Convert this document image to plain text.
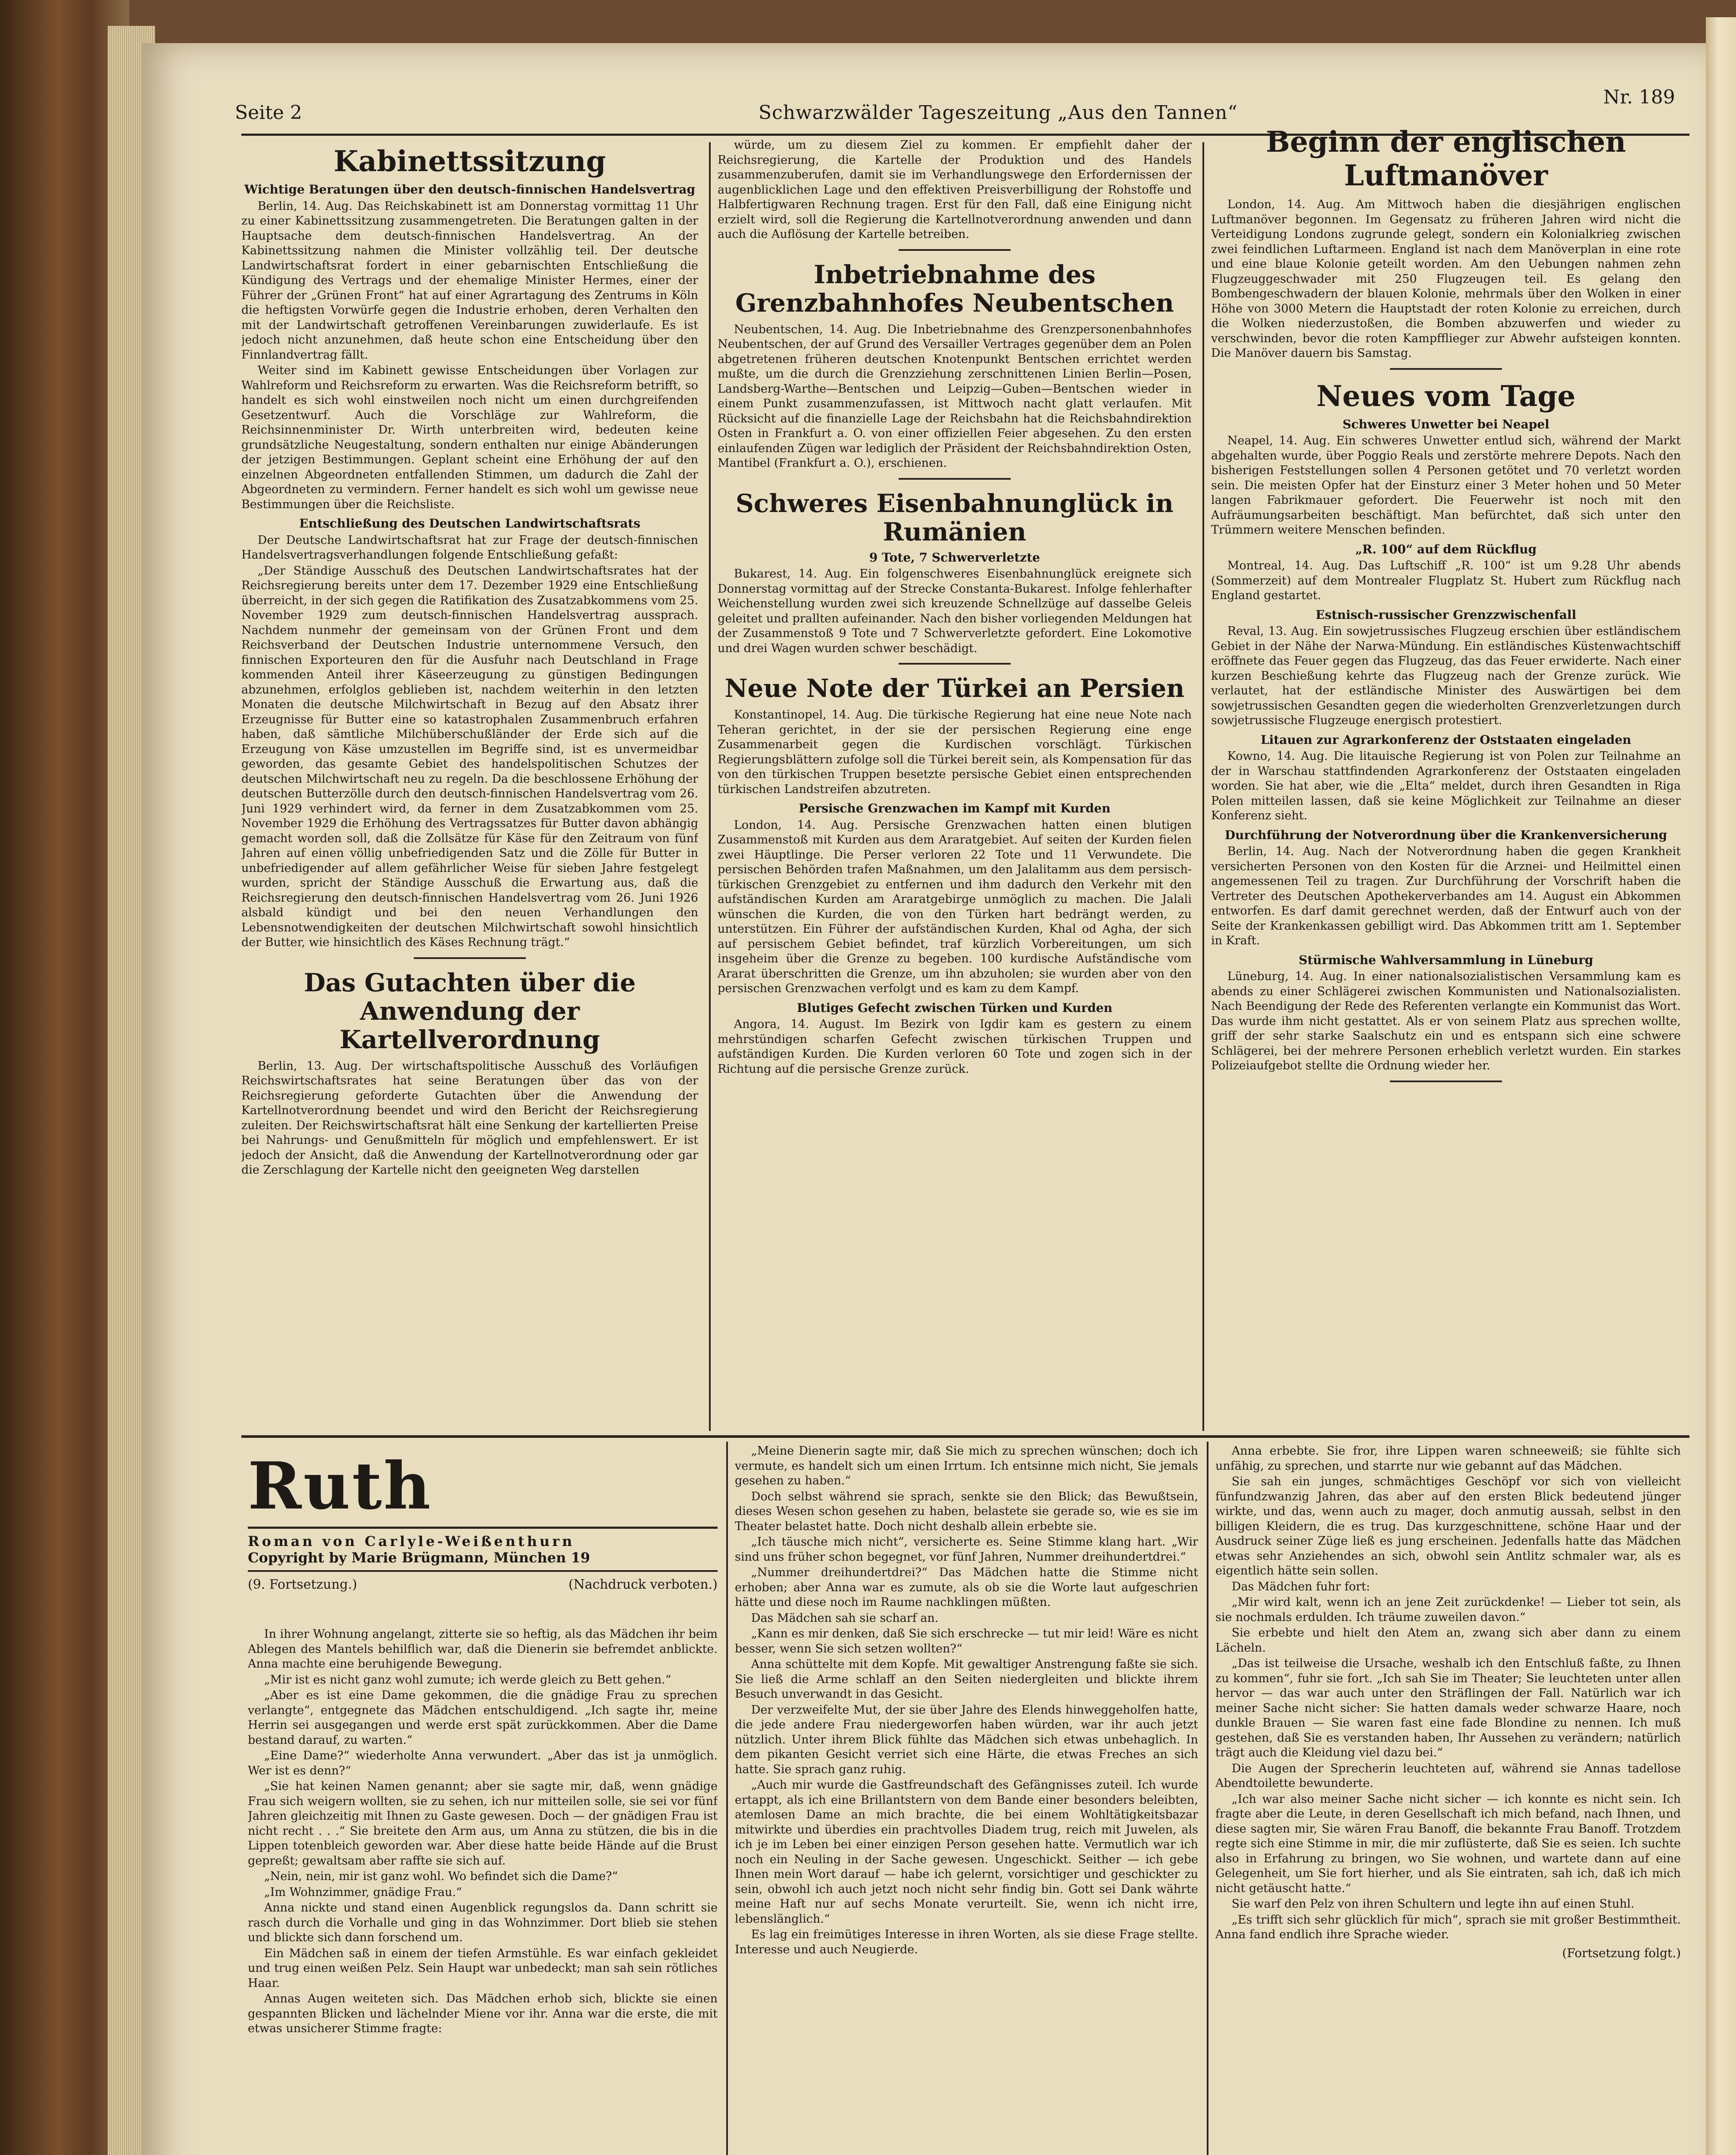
Seite 2	Schwarzwälder Tageszeitung „Aus den Tannen“
Nr. 189
Kabinettssitzung
Wichtige Beratungen über den deutsch-finnischen Handelsvertrag

Berlin, 14. Aug. Das Reichskabinett ist am Donnerstag vormittag 11 Uhr zu einer Kabinettssitzung zusammengetreten. Die Beratungen galten in der Hauptsache dem deutsch-finnischen Handelsvertrag. An der Kabinettssitzung nahmen die Minister vollzählig teil. Der deutsche Landwirtschaftsrat fordert in einer gebarnischten Entschließung die Kündigung des Vertrags und der ehemalige Minister Hermes, einer der Führer der „Grünen Front“ hat auf einer Agrartagung des Zentrums in Köln die heftigsten Vorwürfe gegen die Industrie erhoben, deren Verhalten den mit der Landwirtschaft getroffenen Vereinbarungen zuwiderlaufe. Es ist jedoch nicht anzunehmen, daß heute schon eine Entscheidung über den Finnlandvertrag fällt.

Weiter sind im Kabinett gewisse Entscheidungen über Vorlagen zur Wahlreform und Reichsreform zu erwarten. Was die Reichsreform betrifft, so handelt es sich wohl einstweilen noch nicht um einen durchgreifenden Gesetzentwurf. Auch die Vorschläge zur Wahlreform, die Reichsinnenminister Dr. Wirth unterbreiten wird, bedeuten keine grundsätzliche Neugestaltung, sondern enthalten nur einige Abänderungen der jetzigen Bestimmungen. Geplant scheint eine Erhöhung der auf den einzelnen Abgeordneten entfallenden Stimmen, um dadurch die Zahl der Abgeordneten zu vermindern. Ferner handelt es sich wohl um gewisse neue Bestimmungen über die Reichsliste.

Entschließung des Deutschen Landwirtschaftsrats

Der Deutsche Landwirtschaftsrat hat zur Frage der deutsch-finnischen Handelsvertragsverhandlungen folgende Entschließung gefaßt:

„Der Ständige Ausschuß des Deutschen Landwirtschaftsrates hat der Reichsregierung bereits unter dem 17. Dezember 1929 eine Entschließung überreicht, in der sich gegen die Ratifikation des Zusatzabkommens vom 25. November 1929 zum deutsch-finnischen Handelsvertrag aussprach. Nachdem nunmehr der gemeinsam von der Grünen Front und dem Reichsverband der Deutschen Industrie unternommene Versuch, den finnischen Exporteuren den für die Ausfuhr nach Deutschland in Frage kommenden Anteil ihrer Käseerzeugung zu günstigen Bedingungen abzunehmen, erfolglos geblieben ist, nachdem weiterhin in den letzten Monaten die deutsche Milchwirtschaft in Bezug auf den Absatz ihrer Erzeugnisse für Butter eine so katastrophalen Zusammenbruch erfahren haben, daß sämtliche Milchüberschußländer der Erde sich auf die Erzeugung von Käse umzustellen im Begriffe sind, ist es unvermeidbar geworden, das gesamte Gebiet des handelspolitischen Schutzes der deutschen Milchwirtschaft neu zu regeln. Da die beschlossene Erhöhung der deutschen Butterzölle durch den deutsch-finnischen Handelsvertrag vom 26. Juni 1929 verhindert wird, da ferner in dem Zusatzabkommen vom 25. November 1929 die Erhöhung des Vertragssatzes für Butter davon abhängig gemacht worden soll, daß die Zollsätze für Käse für den Zeitraum von fünf Jahren auf einen völlig unbefriedigenden Satz und die Zölle für Butter in unbefriedigender auf allem gefährlicher Weise für sieben Jahre festgelegt wurden, spricht der Ständige Ausschuß die Erwartung aus, daß die Reichsregierung den deutsch-finnischen Handelsvertrag vom 26. Juni 1926 alsbald kündigt und bei den neuen Verhandlungen den Lebensnotwendigkeiten der deutschen Milchwirtschaft sowohl hinsichtlich der Butter, wie hinsichtlich des Käses Rechnung trägt.“

Das Gutachten über die Anwendung der Kartellverordnung

Berlin, 13. Aug. Der wirtschaftspolitische Ausschuß des Vorläufigen Reichswirtschaftsrates hat seine Beratungen über das von der Reichsregierung geforderte Gutachten über die Anwendung der Kartellnotverordnung beendet und wird den Bericht der Reichsregierung zuleiten. Der Reichswirtschaftsrat hält eine Senkung der kartellierten Preise bei Nahrungs- und Genußmitteln für möglich und empfehlenswert. Er ist jedoch der Ansicht, daß die Anwendung der Kartellnotverordnung oder gar die Zerschlagung der Kartelle nicht den geeigneten Weg darstellen

würde, um zu diesem Ziel zu kommen. Er empfiehlt daher der Reichsregierung, die Kartelle der Produktion und des Handels zusammenzuberufen, damit sie im Verhandlungswege den Erfordernissen der augenblicklichen Lage und den effektiven Preisverbilligung der Rohstoffe und Halbfertigwaren Rechnung tragen. Erst für den Fall, daß eine Einigung nicht erzielt wird, soll die Regierung die Kartellnotverordnung anwenden und dann auch die Auflösung der Kartelle betreiben.

Inbetriebnahme des Grenzbahnhofes Neubentschen

Neubentschen, 14. Aug. Die Inbetriebnahme des Grenzpersonenbahnhofes Neubentschen, der auf Grund des Versailler Vertrages gegenüber dem an Polen abgetretenen früheren deutschen Knotenpunkt Bentschen errichtet werden mußte, um die durch die Grenzziehung zerschnittenen Linien Berlin—Posen, Landsberg-Warthe—Bentschen und Leipzig—Guben—Bentschen wieder in einem Punkt zusammenzufassen, ist Mittwoch nacht glatt verlaufen. Mit Rücksicht auf die finanzielle Lage der Reichsbahn hat die Reichsbahndirektion Osten in Frankfurt a. O. von einer offiziellen Feier abgesehen. Zu den ersten einlaufenden Zügen war lediglich der Präsident der Reichsbahndirektion Osten, Mantibel (Frankfurt a. O.), erschienen.

Schweres Eisenbahnunglück in Rumänien
9 Tote, 7 Schwerverletzte

Bukarest, 14. Aug. Ein folgenschweres Eisenbahnunglück ereignete sich Donnerstag vormittag auf der Strecke Constanta-Bukarest. Infolge fehlerhafter Weichenstellung wurden zwei sich kreuzende Schnellzüge auf dasselbe Geleis geleitet und prallten aufeinander. Nach den bisher vorliegenden Meldungen hat der Zusammenstoß 9 Tote und 7 Schwerverletzte gefordert. Eine Lokomotive und drei Wagen wurden schwer beschädigt.

Neue Note der Türkei an Persien

Konstantinopel, 14. Aug. Die türkische Regierung hat eine neue Note nach Teheran gerichtet, in der sie der persischen Regierung eine enge Zusammenarbeit gegen die Kurdischen vorschlägt. Türkischen Regierungsblättern zufolge soll die Türkei bereit sein, als Kompensation für das von den türkischen Truppen besetzte persische Gebiet einen entsprechenden türkischen Landstreifen abzutreten.

Persische Grenzwachen im Kampf mit Kurden

London, 14. Aug. Persische Grenzwachen hatten einen blutigen Zusammenstoß mit Kurden aus dem Araratgebiet. Auf seiten der Kurden fielen zwei Häuptlinge. Die Perser verloren 22 Tote und 11 Verwundete. Die persischen Behörden trafen Maßnahmen, um den Jalalitamm aus dem persisch-türkischen Grenzgebiet zu entfernen und ihm dadurch den Verkehr mit den aufständischen Kurden am Araratgebirge unmöglich zu machen. Die Jalali wünschen die Kurden, die von den Türken hart bedrängt werden, zu unterstützen. Ein Führer der aufständischen Kurden, Khal od Agha, der sich auf persischem Gebiet befindet, traf kürzlich Vorbereitungen, um sich insgeheim über die Grenze zu begeben. 100 kurdische Aufständische vom Ararat überschritten die Grenze, um ihn abzuholen; sie wurden aber von den persischen Grenzwachen verfolgt und es kam zu dem Kampf.

Blutiges Gefecht zwischen Türken und Kurden

Angora, 14. August. Im Bezirk von Igdir kam es gestern zu einem mehrstündigen scharfen Gefecht zwischen türkischen Truppen und aufständigen Kurden. Die Kurden verloren 60 Tote und zogen sich in der Richtung auf die persische Grenze zurück.

Beginn der englischen Luftmanöver

London, 14. Aug. Am Mittwoch haben die diesjährigen englischen Luftmanöver begonnen. Im Gegensatz zu früheren Jahren wird nicht die Verteidigung Londons zugrunde gelegt, sondern ein Kolonialkrieg zwischen zwei feindlichen Luftarmeen. England ist nach dem Manöverplan in eine rote und eine blaue Kolonie geteilt worden. Am den Uebungen nahmen zehn Flugzeuggeschwader mit 250 Flugzeugen teil. Es gelang den Bombengeschwadern der blauen Kolonie, mehrmals über den Wolken in einer Höhe von 3000 Metern die Hauptstadt der roten Kolonie zu erreichen, durch die Wolken niederzustoßen, die Bomben abzuwerfen und wieder zu verschwinden, bevor die roten Kampfflieger zur Abwehr aufsteigen konnten. Die Manöver dauern bis Samstag.

Neues vom Tage
Schweres Unwetter bei Neapel

Neapel, 14. Aug. Ein schweres Unwetter entlud sich, während der Markt abgehalten wurde, über Poggio Reals und zerstörte mehrere Depots. Nach den bisherigen Feststellungen sollen 4 Personen getötet und 70 verletzt worden sein. Die meisten Opfer hat der Einsturz einer 3 Meter hohen und 50 Meter langen Fabrikmauer gefordert. Die Feuerwehr ist noch mit den Aufräumungsarbeiten beschäftigt. Man befürchtet, daß sich unter den Trümmern weitere Menschen befinden.

„R. 100“ auf dem Rückflug

Montreal, 14. Aug. Das Luftschiff „R. 100“ ist um 9.28 Uhr abends (Sommerzeit) auf dem Montrealer Flugplatz St. Hubert zum Rückflug nach England gestartet.

Estnisch-russischer Grenzzwischenfall

Reval, 13. Aug. Ein sowjetrussisches Flugzeug erschien über estländischem Gebiet in der Nähe der Narwa-Mündung. Ein estländisches Küstenwachtschiff eröffnete das Feuer gegen das Flugzeug, das das Feuer erwiderte. Nach einer kurzen Beschießung kehrte das Flugzeug nach der Grenze zurück. Wie verlautet, hat der estländische Minister des Auswärtigen bei dem sowjetrussischen Gesandten gegen die wiederholten Grenzverletzungen durch sowjetrussische Flugzeuge energisch protestiert.

Litauen zur Agrarkonferenz der Oststaaten eingeladen

Kowno, 14. Aug. Die litauische Regierung ist von Polen zur Teilnahme an der in Warschau stattfindenden Agrarkonferenz der Oststaaten eingeladen worden. Sie hat aber, wie die „Elta“ meldet, durch ihren Gesandten in Riga Polen mitteilen lassen, daß sie keine Möglichkeit zur Teilnahme an dieser Konferenz sieht.

Durchführung der Notverordnung über die Krankenversicherung

Berlin, 14. Aug. Nach der Notverordnung haben die gegen Krankheit versicherten Personen von den Kosten für die Arznei- und Heilmittel einen angemessenen Teil zu tragen. Zur Durchführung der Vorschrift haben die Vertreter des Deutschen Apothekerverbandes am 14. August ein Abkommen entworfen. Es darf damit gerechnet werden, daß der Entwurf auch von der Seite der Krankenkassen gebilligt wird. Das Abkommen tritt am 1. September in Kraft.

Stürmische Wahlversammlung in Lüneburg

Lüneburg, 14. Aug. In einer nationalsozialistischen Versammlung kam es abends zu einer Schlägerei zwischen Kommunisten und Nationalsozialisten. Nach Beendigung der Rede des Referenten verlangte ein Kommunist das Wort. Das wurde ihm nicht gestattet. Als er von seinem Platz aus sprechen wollte, griff der sehr starke Saalschutz ein und es entspann sich eine schwere Schlägerei, bei der mehrere Personen erheblich verletzt wurden. Ein starkes Polizeiaufgebot stellte die Ordnung wieder her.

Ruth
Roman von Carlyle-Weißenthurn
Copyright by Marie Brügmann, München 19
(9. Fortsetzung.)	(Nachdruck verboten.)

In ihrer Wohnung angelangt, zitterte sie so heftig, als das Mädchen ihr beim Ablegen des Mantels behilflich war, daß die Dienerin sie befremdet anblickte. Anna machte eine beruhigende Bewegung.

„Mir ist es nicht ganz wohl zumute; ich werde gleich zu Bett gehen.“

„Aber es ist eine Dame gekommen, die die gnädige Frau zu sprechen verlangte“, entgegnete das Mädchen entschuldigend. „Ich sagte ihr, meine Herrin sei ausgegangen und werde erst spät zurückkommen. Aber die Dame bestand darauf, zu warten.“

„Eine Dame?“ wiederholte Anna verwundert. „Aber das ist ja unmöglich. Wer ist es denn?“

„Sie hat keinen Namen genannt; aber sie sagte mir, daß, wenn gnädige Frau sich weigern wollten, sie zu sehen, ich nur mitteilen solle, sie sei vor fünf Jahren gleichzeitig mit Ihnen zu Gaste gewesen. Doch — der gnädigen Frau ist nicht recht . . .“ Sie breitete den Arm aus, um Anna zu stützen, die bis in die Lippen totenbleich geworden war. Aber diese hatte beide Hände auf die Brust gepreßt; gewaltsam aber raffte sie sich auf.

„Nein, nein, mir ist ganz wohl. Wo befindet sich die Dame?“

„Im Wohnzimmer, gnädige Frau.“

Anna nickte und stand einen Augenblick regungslos da. Dann schritt sie rasch durch die Vorhalle und ging in das Wohnzimmer. Dort blieb sie stehen und blickte sich dann forschend um.

Ein Mädchen saß in einem der tiefen Armstühle. Es war einfach gekleidet und trug einen weißen Pelz. Sein Haupt war unbedeckt; man sah sein rötliches Haar.

Annas Augen weiteten sich. Das Mädchen erhob sich, blickte sie einen gespannten Blicken und lächelnder Miene vor ihr. Anna war die erste, die mit etwas unsicherer Stimme fragte:

„Meine Dienerin sagte mir, daß Sie mich zu sprechen wünschen; doch ich vermute, es handelt sich um einen Irrtum. Ich entsinne mich nicht, Sie jemals gesehen zu haben.“

Doch selbst während sie sprach, senkte sie den Blick; das Bewußtsein, dieses Wesen schon gesehen zu haben, belastete sie gerade so, wie es sie im Theater belastet hatte. Doch nicht deshalb allein erbebte sie.

„Ich täusche mich nicht“, versicherte es. Seine Stimme klang hart. „Wir sind uns früher schon begegnet, vor fünf Jahren, Nummer dreihundertdrei.“

„Nummer dreihundertdrei?“ Das Mädchen hatte die Stimme nicht erhoben; aber Anna war es zumute, als ob sie die Worte laut aufgeschrien hätte und diese noch im Raume nachklingen müßten.

Das Mädchen sah sie scharf an.

„Kann es mir denken, daß Sie sich erschrecke — tut mir leid! Wäre es nicht besser, wenn Sie sich setzen wollten?“

Anna schüttelte mit dem Kopfe. Mit gewaltiger Anstrengung faßte sie sich. Sie ließ die Arme schlaff an den Seiten niedergleiten und blickte ihrem Besuch unverwandt in das Gesicht.

Der verzweifelte Mut, der sie über Jahre des Elends hinweggeholfen hatte, die jede andere Frau niedergeworfen haben würden, war ihr auch jetzt nützlich. Unter ihrem Blick fühlte das Mädchen sich etwas unbehaglich. In dem pikanten Gesicht verriet sich eine Härte, die etwas Freches an sich hatte. Sie sprach ganz ruhig.

„Auch mir wurde die Gastfreundschaft des Gefängnisses zuteil. Ich wurde ertappt, als ich eine Brillantstern von dem Bande einer besonders beleibten, atemlosen Dame an mich brachte, die bei einem Wohltätigkeitsbazar mitwirkte und überdies ein prachtvolles Diadem trug, reich mit Juwelen, als ich je im Leben bei einer einzigen Person gesehen hatte. Vermutlich war ich noch ein Neuling in der Sache gewesen. Ungeschickt. Seither — ich gebe Ihnen mein Wort darauf — habe ich gelernt, vorsichtiger und geschickter zu sein, obwohl ich auch jetzt noch nicht sehr findig bin. Gott sei Dank währte meine Haft nur auf sechs Monate verurteilt. Sie, wenn ich nicht irre, lebenslänglich.“

Es lag ein freimütiges Interesse in ihren Worten, als sie diese Frage stellte. Interesse und auch Neugierde.

Anna erbebte. Sie fror, ihre Lippen waren schneeweiß; sie fühlte sich unfähig, zu sprechen, und starrte nur wie gebannt auf das Mädchen.

Sie sah ein junges, schmächtiges Geschöpf vor sich von vielleicht fünfundzwanzig Jahren, das aber auf den ersten Blick bedeutend jünger wirkte, und das, wenn auch zu mager, doch anmutig aussah, selbst in den billigen Kleidern, die es trug. Das kurzgeschnittene, schöne Haar und der Ausdruck seiner Züge ließ es jung erscheinen. Jedenfalls hatte das Mädchen etwas sehr Anziehendes an sich, obwohl sein Antlitz schmaler war, als es eigentlich hätte sein sollen.

Das Mädchen fuhr fort:

„Mir wird kalt, wenn ich an jene Zeit zurückdenke! — Lieber tot sein, als sie nochmals erdulden. Ich träume zuweilen davon.“

Sie erbebte und hielt den Atem an, zwang sich aber dann zu einem Lächeln.

„Das ist teilweise die Ursache, weshalb ich den Entschluß faßte, zu Ihnen zu kommen“, fuhr sie fort. „Ich sah Sie im Theater; Sie leuchteten unter allen hervor — das war auch unter den Sträflingen der Fall. Natürlich war ich meiner Sache nicht sicher: Sie hatten damals weder schwarze Haare, noch dunkle Brauen — Sie waren fast eine fade Blondine zu nennen. Ich muß gestehen, daß Sie es verstanden haben, Ihr Aussehen zu verändern; natürlich trägt auch die Kleidung viel dazu bei.“

Die Augen der Sprecherin leuchteten auf, während sie Annas tadellose Abendtoilette bewunderte.

„Ich war also meiner Sache nicht sicher — ich konnte es nicht sein. Ich fragte aber die Leute, in deren Gesellschaft ich mich befand, nach Ihnen, und diese sagten mir, Sie wären Frau Banoff, die bekannte Frau Banoff. Trotzdem regte sich eine Stimme in mir, die mir zuflüsterte, daß Sie es seien. Ich suchte also in Erfahrung zu bringen, wo Sie wohnen, und wartete dann auf eine Gelegenheit, um Sie fort hierher, und als Sie eintraten, sah ich, daß ich mich nicht getäuscht hatte.“

Sie warf den Pelz von ihren Schultern und legte ihn auf einen Stuhl.

„Es trifft sich sehr glücklich für mich“, sprach sie mit großer Bestimmtheit. Anna fand endlich ihre Sprache wieder.

(Fortsetzung folgt.)
